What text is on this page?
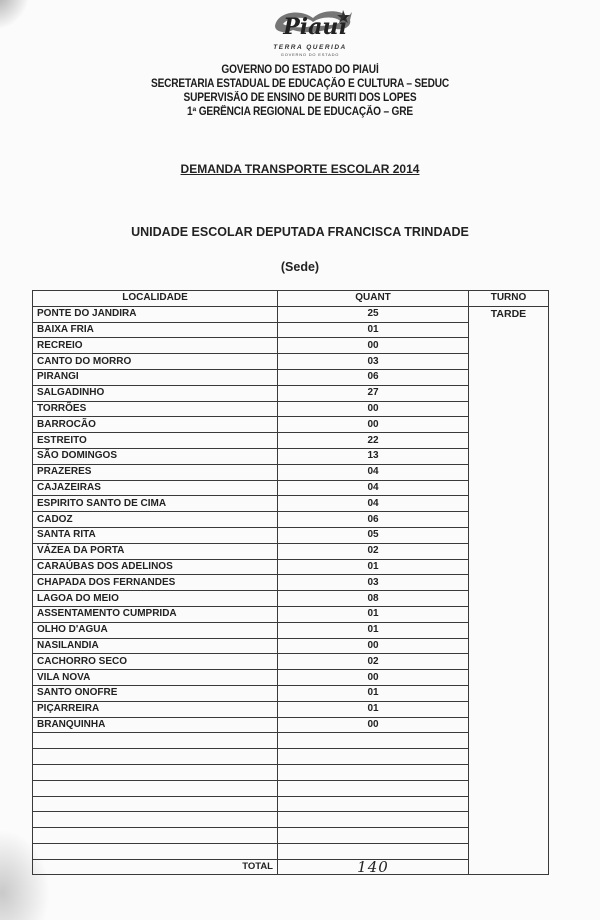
Piauí
TERRA QUERIDA
GOVERNO DO ESTADO
GOVERNO DO ESTADO DO PIAUÍ
SECRETARIA ESTADUAL DE EDUCAÇÃO E CULTURA – SEDUC
SUPERVISÃO DE ENSINO DE BURITI DOS LOPES
1ª GERÊNCIA REGIONAL DE EDUCAÇÃO – GRE
DEMANDA TRANSPORTE ESCOLAR 2014
UNIDADE ESCOLAR DEPUTADA FRANCISCA TRINDADE
(Sede)
LOCALIDADE	QUANT	TURNO
PONTE DO JANDIRA	25	TARDE
BAIXA FRIA	01	
RECREIO	00	
CANTO DO MORRO	03	
PIRANGI	06	
SALGADINHO	27	
TORRÕES	00	
BARROCÃO	00	
ESTREITO	22	
SÃO DOMINGOS	13	
PRAZERES	04	
CAJAZEIRAS	04	
ESPIRITO SANTO DE CIMA	04	
CADOZ	06	
SANTA RITA	05	
VÁZEA DA PORTA	02	
CARAÚBAS DOS ADELINOS	01	
CHAPADA DOS FERNANDES	03	
LAGOA DO MEIO	08	
ASSENTAMENTO CUMPRIDA	01	
OLHO D'AGUA	01	
NASILANDIA	00	
CACHORRO SECO	02	
VILA NOVA	00	
SANTO ONOFRE	01	
PIÇARREIRA	01	
BRANQUINHA	00	

TOTAL	140	
